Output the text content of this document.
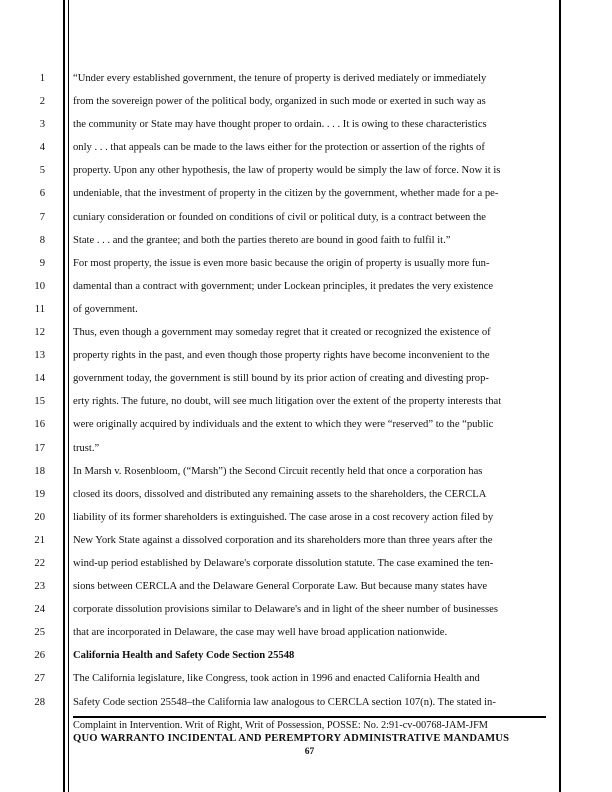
1	“Under every established government, the tenure of property is derived mediately or immediately
2	from the sovereign power of the political body, organized in such mode or exerted in such way as
3	the community or State may have thought proper to ordain. . . . It is owing to these characteristics
4	only . . . that appeals can be made to the laws either for the protection or assertion of the rights of
5	property. Upon any other hypothesis, the law of property would be simply the law of force. Now it is
6	undeniable, that the investment of property in the citizen by the government, whether made for a pe-
7	cuniary consideration or founded on conditions of civil or political duty, is a contract between the
8	State . . . and the grantee; and both the parties thereto are bound in good faith to fulfil it.”
9	For most property, the issue is even more basic because the origin of property is usually more fun-
10	damental than a contract with government; under Lockean principles, it predates the very existence
11	of government.
12	Thus, even though a government may someday regret that it created or recognized the existence of
13	property rights in the past, and even though those property rights have become inconvenient to the
14	government today, the government is still bound by its prior action of creating and divesting prop-
15	erty rights. The future, no doubt, will see much litigation over the extent of the property interests that
16	were originally acquired by individuals and the extent to which they were “reserved” to the “public
17	trust.”
18	In Marsh v. Rosenbloom, (“Marsh”) the Second Circuit recently held that once a corporation has
19	closed its doors, dissolved and distributed any remaining assets to the shareholders, the CERCLA
20	liability of its former shareholders is extinguished. The case arose in a cost recovery action filed by
21	New York State against a dissolved corporation and its shareholders more than three years after the
22	wind-up period established by Delaware's corporate dissolution statute. The case examined the ten-
23	sions between CERCLA and the Delaware General Corporate Law. But because many states have
24	corporate dissolution provisions similar to Delaware's and in light of the sheer number of businesses
25	that are incorporated in Delaware, the case may well have broad application nationwide.
26	California Health and Safety Code Section 25548
27	The California legislature, like Congress, took action in 1996 and enacted California Health and
28	Safety Code section 25548–the California law analogous to CERCLA section 107(n). The stated in-
Complaint in Intervention. Writ of Right, Writ of Possession, POSSE: No. 2:91-cv-00768-JAM-JFM
QUO WARRANTO INCIDENTAL AND PEREMPTORY ADMINISTRATIVE MANDAMUS
67
